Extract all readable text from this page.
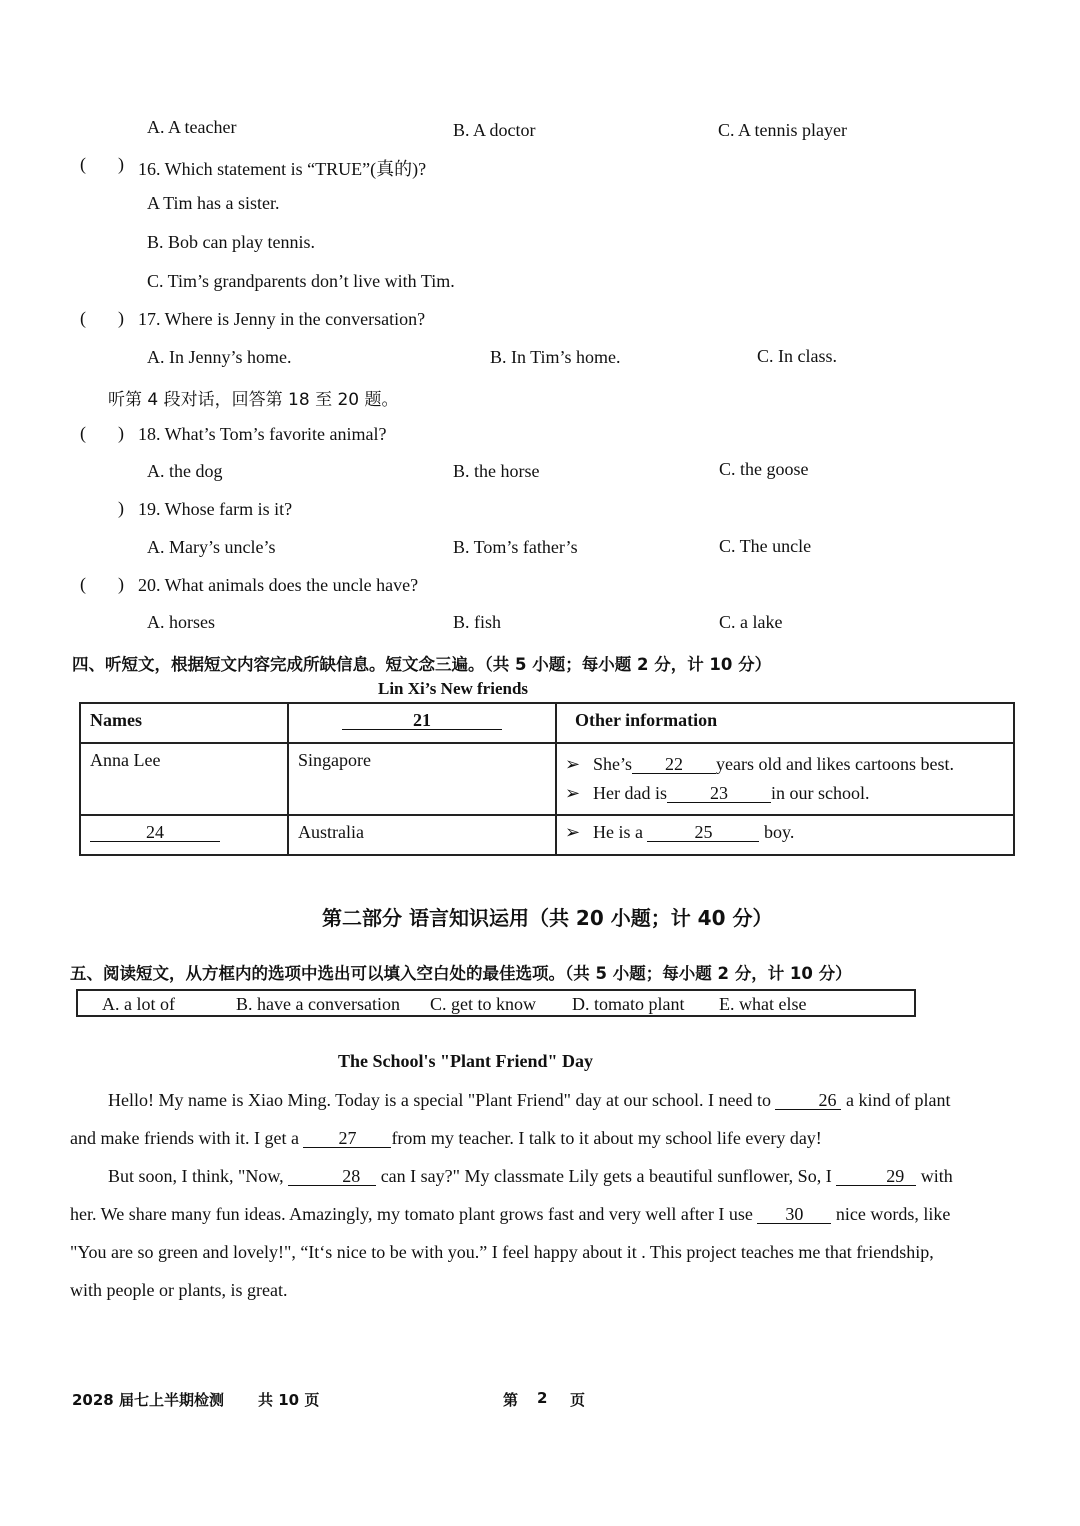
A. A teacher	B. A doctor	C. A tennis player
( ) 16. Which statement is “TRUE”(真的)?
A Tim has a sister.
B. Bob can play tennis.
C. Tim’s grandparents don’t live with Tim.
( ) 17. Where is Jenny in the conversation?
A. In Jenny’s home.	B. In Tim’s home.	C. In class.
听第 4 段对话，回答第 18 至 20 题。
( ) 18. What’s Tom’s favorite animal?
A. the dog	B. the horse	C. the goose
) 19. Whose farm is it?
A. Mary’s uncle’s	B. Tom’s father’s	C. The uncle
( ) 20. What animals does the uncle have?
A. horses	B. fish	C. a lake
四、听短文，根据短文内容完成所缺信息。短文念三遍。（共 5 小题；每小题 2 分，计 10 分）
Lin Xi’s New friends
Names	21	Other information
Anna Lee	Singapore	➢ She’s 22 years old and likes cartoons best.
➢ Her dad is 23 in our school.

24	Australia	➢ He is a 25 boy.
第二部分 语言知识运用（共 20 小题；计 40 分）
五、阅读短文，从方框内的选项中选出可以填入空白处的最佳选项。（共 5 小题；每小题 2 分，计 10 分）
A. a lot of	B. have a conversation C. get to know D. tomato plant E. what else
The School's "Plant Friend" Day
Hello! My name is Xiao Ming. Today is a special "Plant Friend" day at our school. I need to 26 a kind of plant
and make friends with it. I get a 27 from my teacher. I talk to it about my school life every day!
But soon, I think, "Now,	28 can I say?" My classmate Lily gets a beautiful sunflower, So, I	29 with
her. We share many fun ideas. Amazingly, my tomato plant grows fast and very well after I use 30 nice words, like
"You are so green and lovely!", “It‘s nice to be with you.” I feel happy about it . This project teaches me that friendship,
with people or plants, is great.
2028 届七上半期检测 共 10 页	第 2 页
